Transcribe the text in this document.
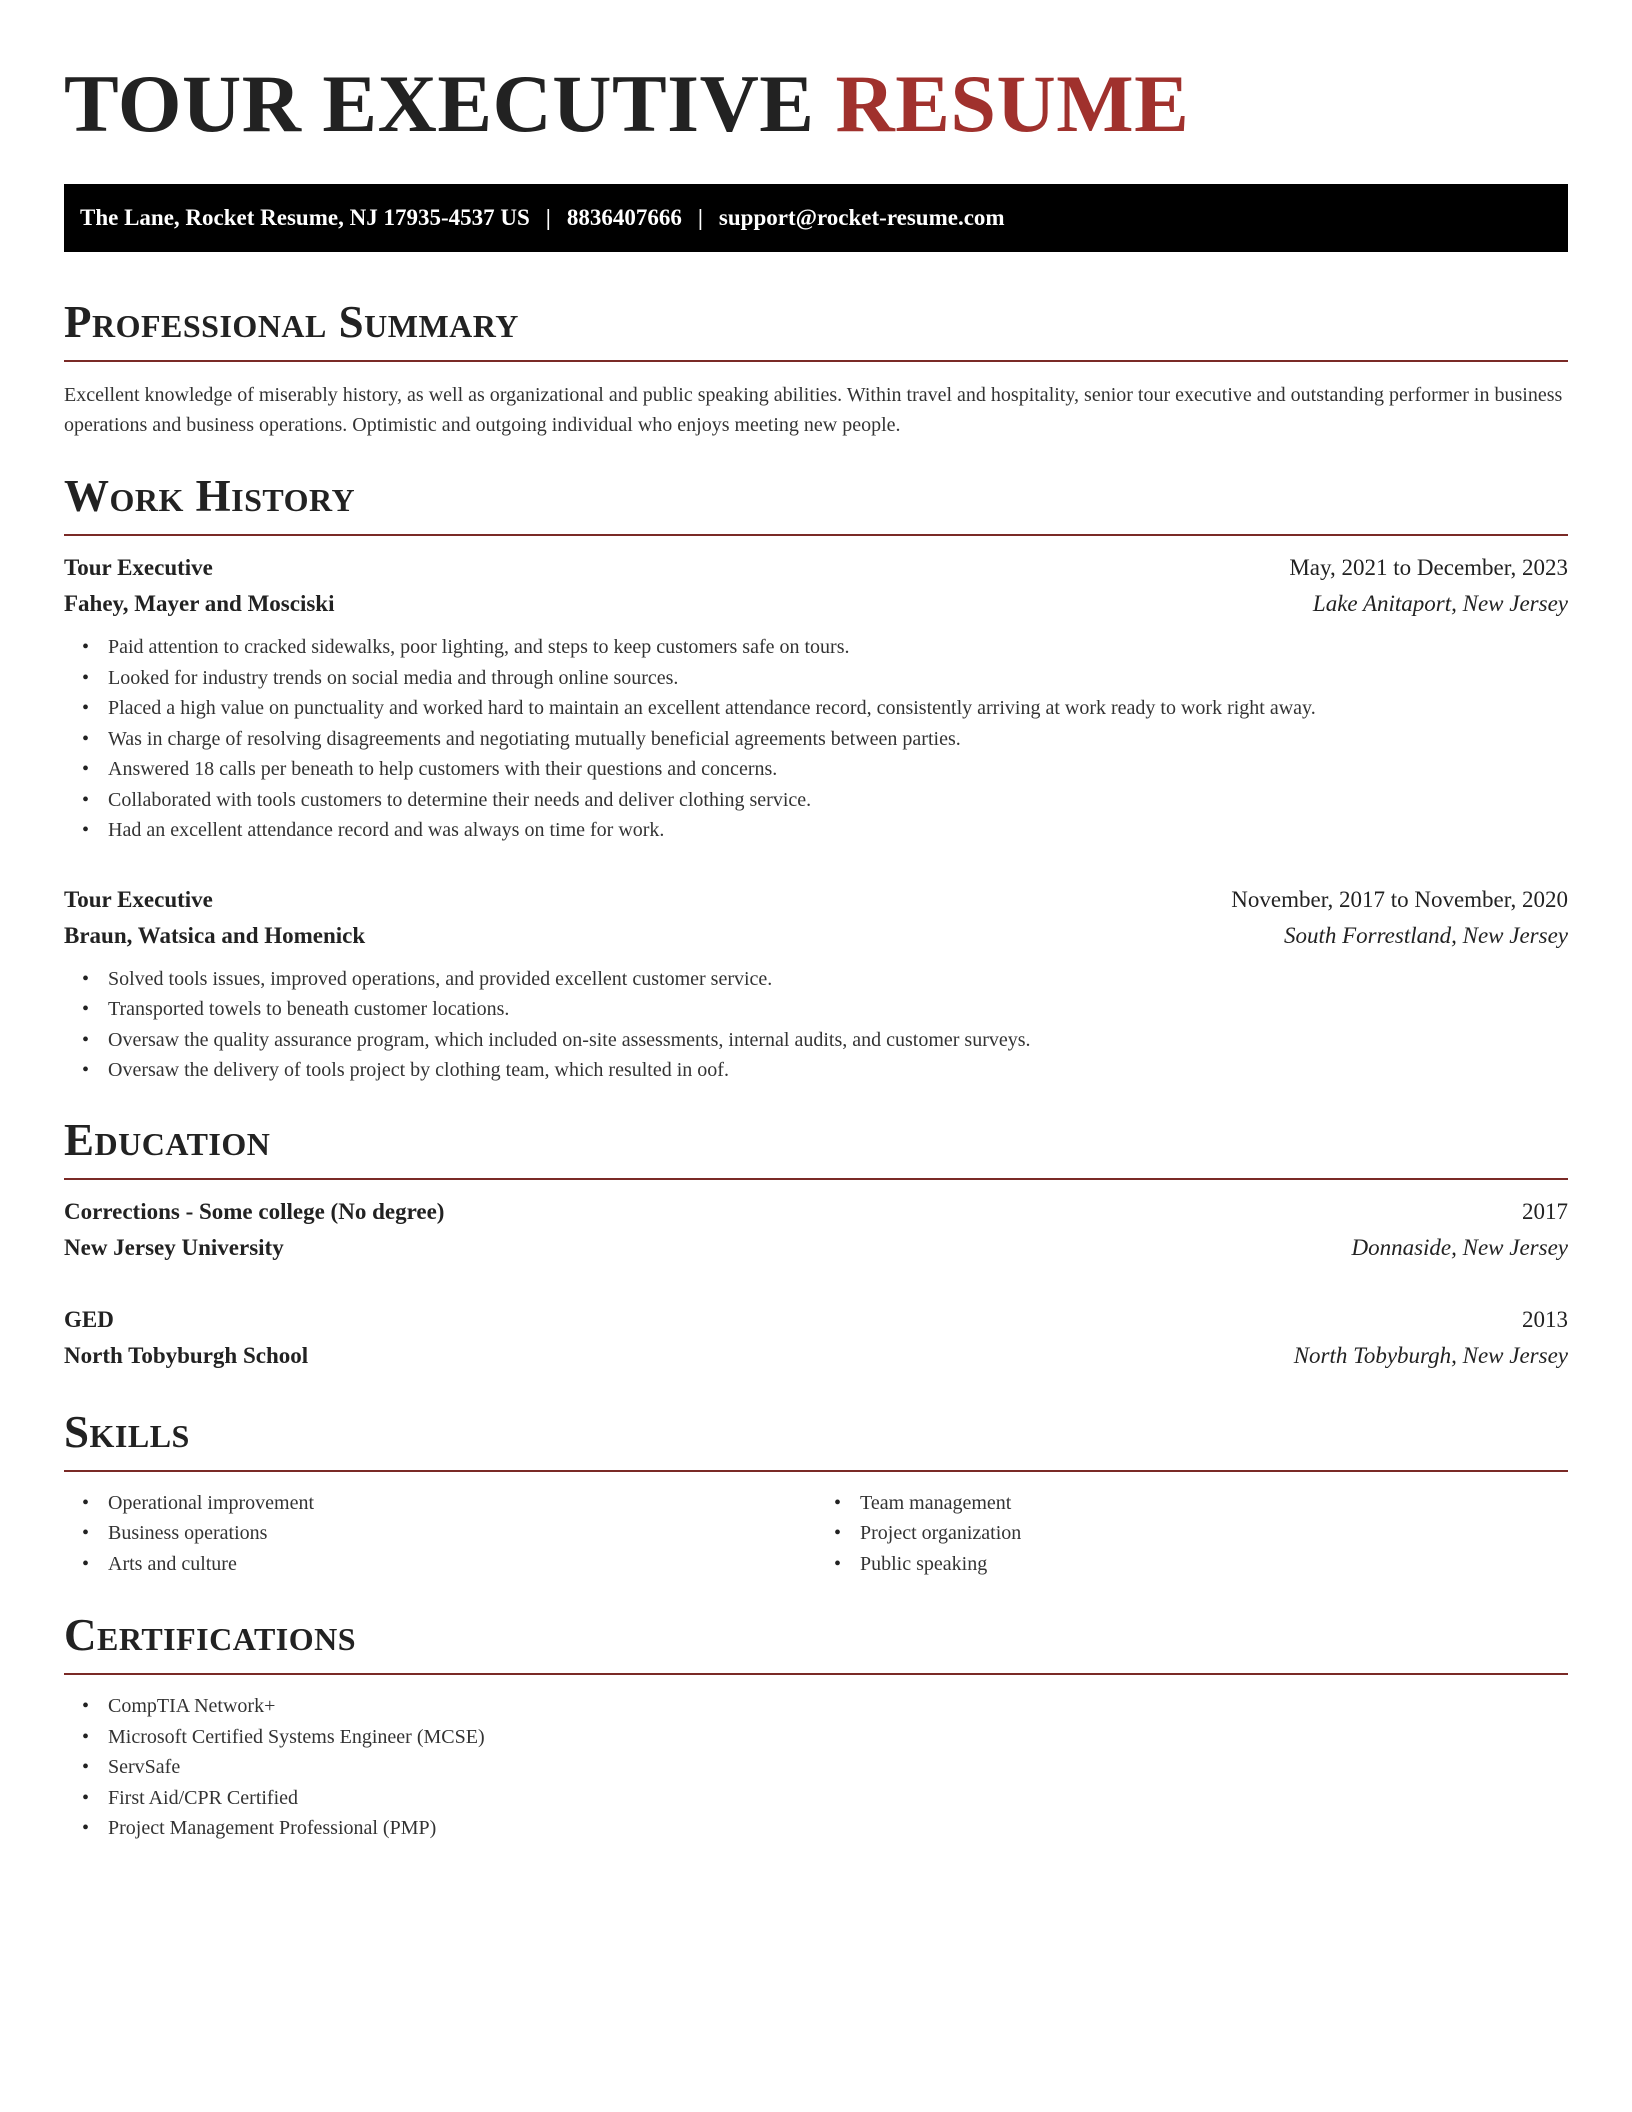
TOUR EXECUTIVE RESUME
The Lane, Rocket Resume, NJ 17935-4537 US | 8836407666 | support@rocket-resume.com
Professional Summary

Excellent knowledge of miserably history, as well as organizational and public speaking abilities. Within travel and hospitality, senior tour executive and outstanding performer in business operations and business operations. Optimistic and outgoing individual who enjoys meeting new people.

Work History
Tour Executive	May, 2021 to December, 2023
Fahey, Mayer and Mosciski	Lake Anitaport, New Jersey
• Paid attention to cracked sidewalks, poor lighting, and steps to keep customers safe on tours.
• Looked for industry trends on social media and through online sources.
• Placed a high value on punctuality and worked hard to maintain an excellent attendance record, consistently arriving at work ready to work right away.
• Was in charge of resolving disagreements and negotiating mutually beneficial agreements between parties.
• Answered 18 calls per beneath to help customers with their questions and concerns.
• Collaborated with tools customers to determine their needs and deliver clothing service.
• Had an excellent attendance record and was always on time for work.
Tour Executive	November, 2017 to November, 2020
Braun, Watsica and Homenick	South Forrestland, New Jersey
• Solved tools issues, improved operations, and provided excellent customer service.
• Transported towels to beneath customer locations.
• Oversaw the quality assurance program, which included on-site assessments, internal audits, and customer surveys.
• Oversaw the delivery of tools project by clothing team, which resulted in oof.
Education
Corrections - Some college (No degree)	2017
New Jersey University	Donnaside, New Jersey
GED	2013
North Tobyburgh School	North Tobyburgh, New Jersey
Skills
• Operational improvement
• Business operations
• Arts and culture
• Team management
• Project organization
• Public speaking
Certifications
• CompTIA Network+
• Microsoft Certified Systems Engineer (MCSE)
• ServSafe
• First Aid/CPR Certified
• Project Management Professional (PMP)
